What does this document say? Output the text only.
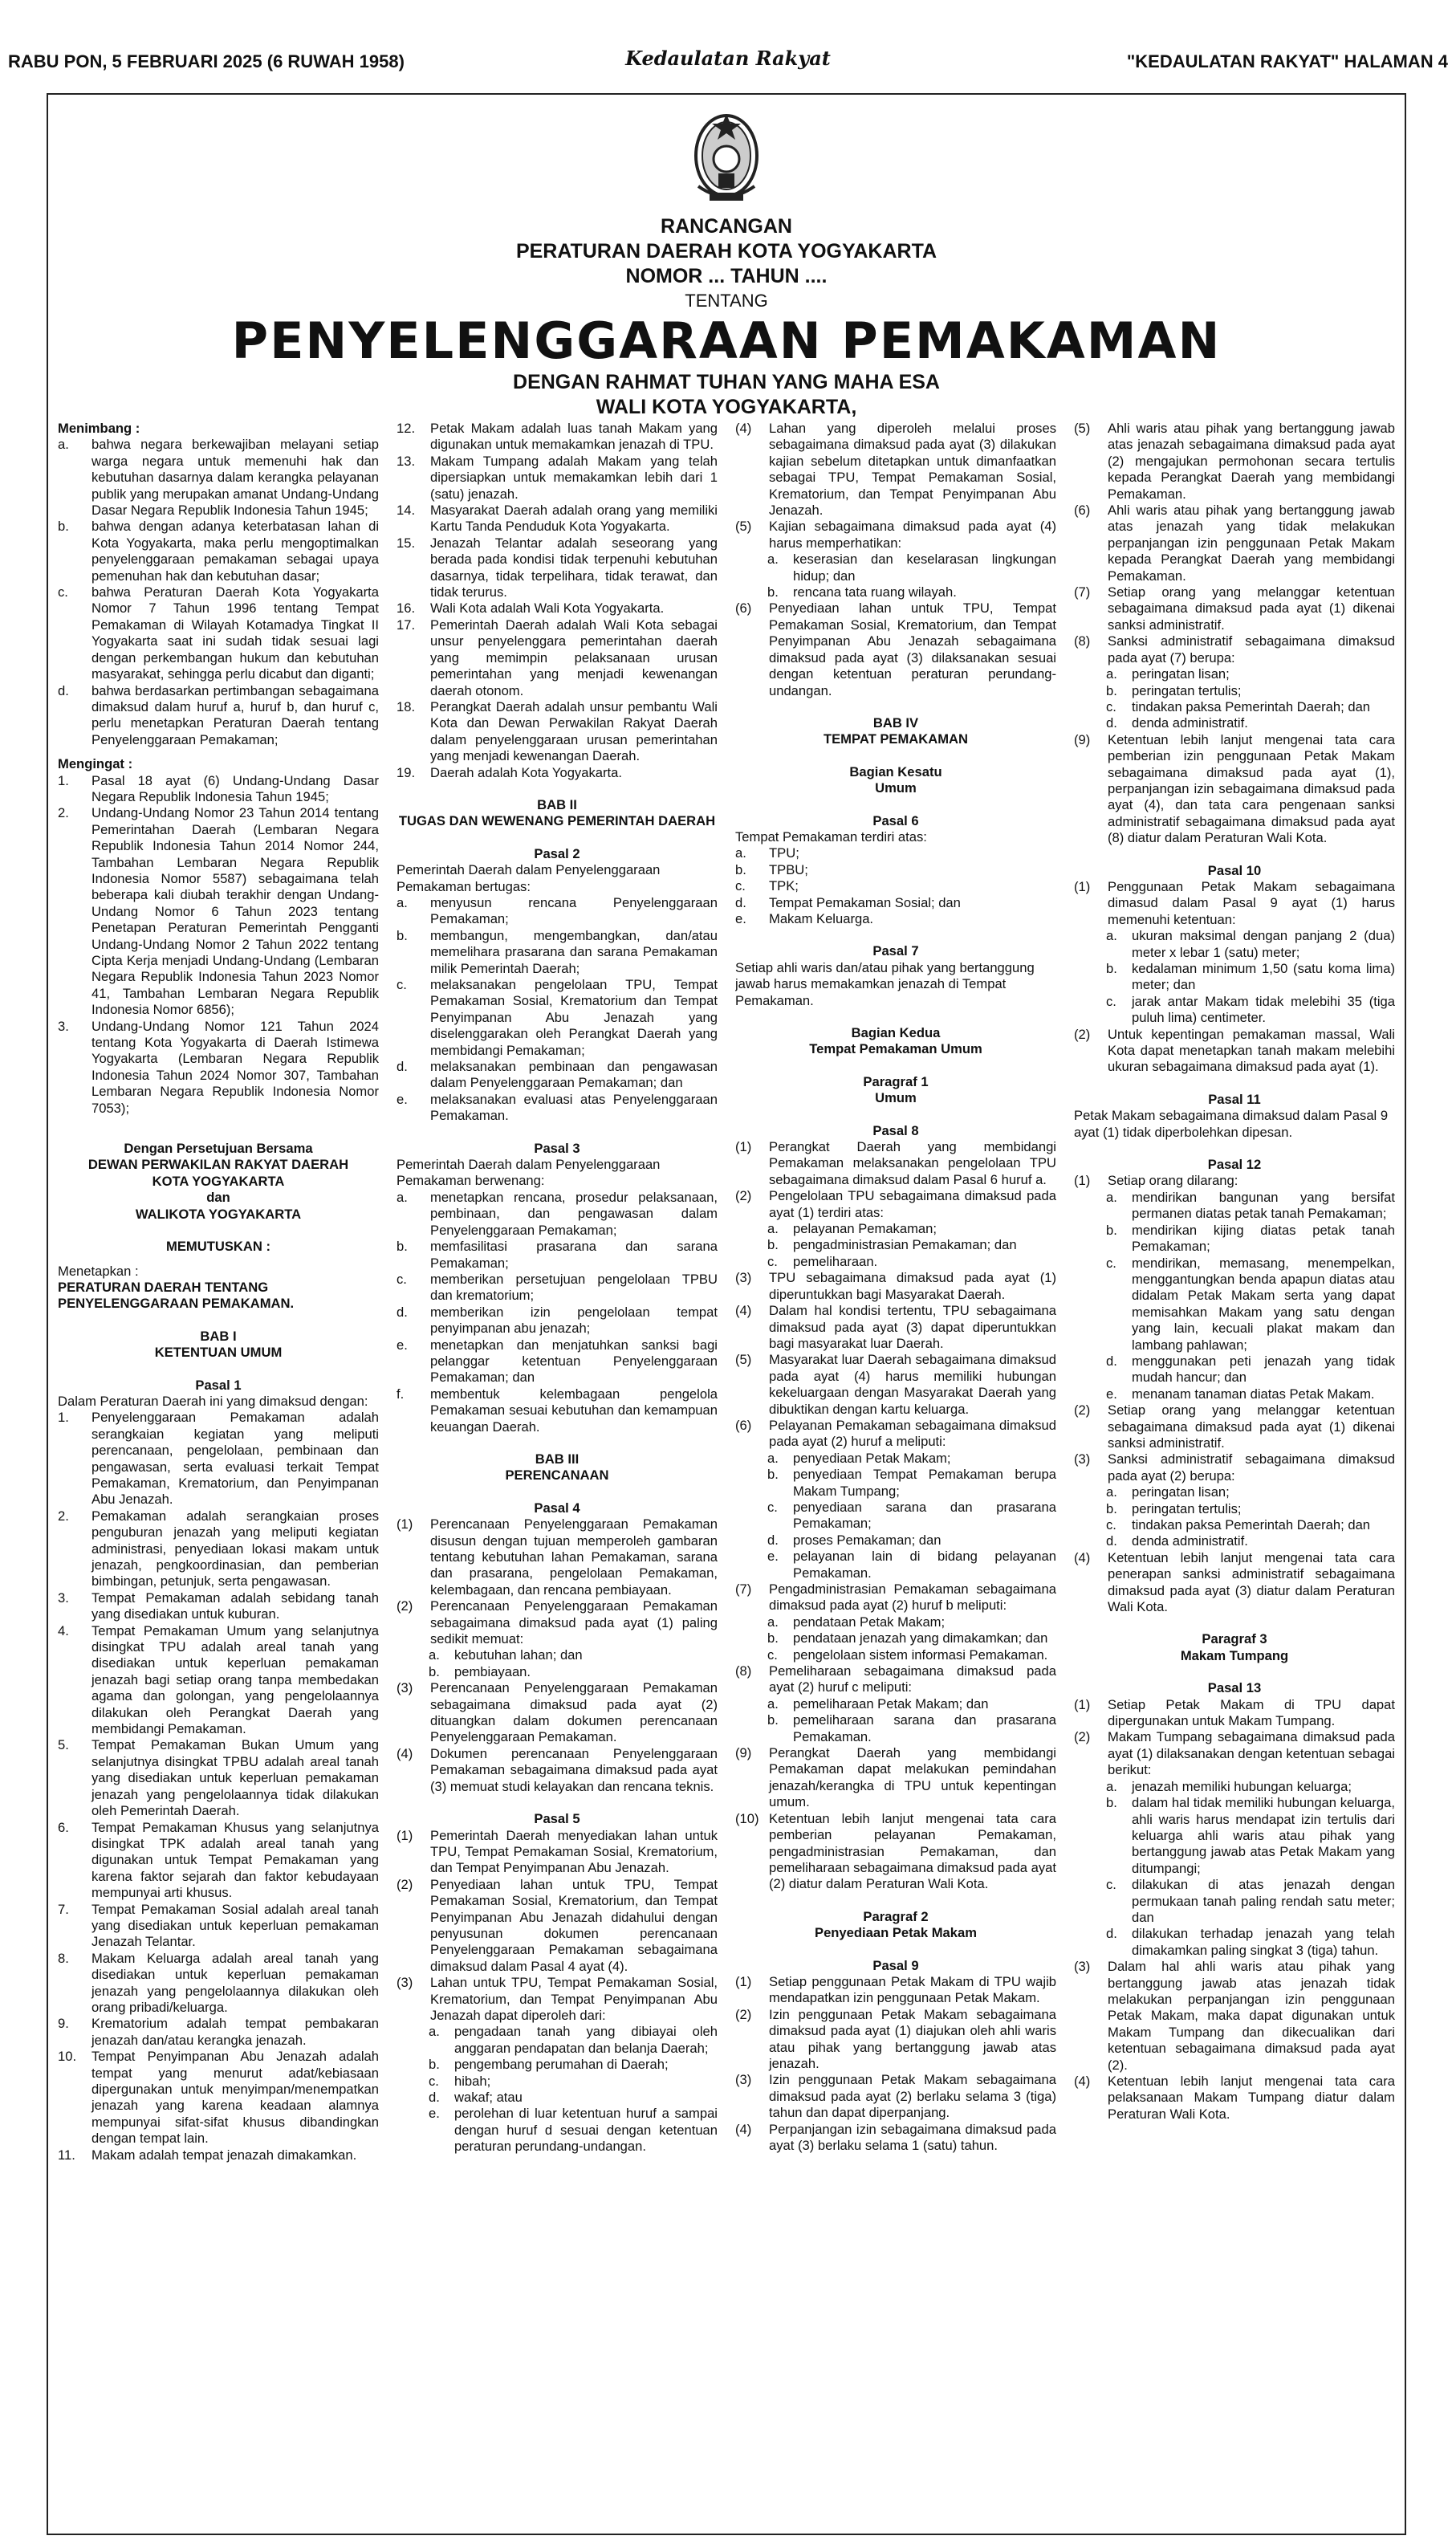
RABU PON, 5 FEBRUARI 2025 (6 RUWAH 1958)	Kedaulatan Rakyat	"KEDAULATAN RAKYAT" HALAMAN 4
RANCANGAN
PERATURAN DAERAH KOTA YOGYAKARTA
NOMOR ... TAHUN ....
TENTANG
PENYELENGGARAAN PEMAKAMAN
DENGAN RAHMAT TUHAN YANG MAHA ESA
WALI KOTA YOGYAKARTA,
Menimbang :
a.	bahwa negara berkewajiban melayani setiap warga negara untuk memenuhi hak dan kebutuhan dasarnya dalam kerangka pelayanan publik yang merupakan amanat Undang-Undang Dasar Negara Republik Indonesia Tahun 1945;
b.	bahwa dengan adanya keterbatasan lahan di Kota Yogyakarta, maka perlu mengoptimalkan penyelenggaraan pemakaman sebagai upaya pemenuhan hak dan kebutuhan dasar;
c.	bahwa Peraturan Daerah Kota Yogyakarta Nomor 7 Tahun 1996 tentang Tempat Pemakaman di Wilayah Kotamadya Tingkat II Yogyakarta saat ini sudah tidak sesuai lagi dengan perkembangan hukum dan kebutuhan masyarakat, sehingga perlu dicabut dan diganti;
d.	bahwa berdasarkan pertimbangan sebagaimana dimaksud dalam huruf a, huruf b, dan huruf c, perlu menetapkan Peraturan Daerah tentang Penyelenggaraan Pemakaman;
Mengingat :
1.	Pasal 18 ayat (6) Undang-Undang Dasar Negara Republik Indonesia Tahun 1945;
2.	Undang-Undang Nomor 23 Tahun 2014 tentang Pemerintahan Daerah (Lembaran Negara Republik Indonesia Tahun 2014 Nomor 244, Tambahan Lembaran Negara Republik Indonesia Nomor 5587) sebagaimana telah beberapa kali diubah terakhir dengan Undang-Undang Nomor 6 Tahun 2023 tentang Penetapan Peraturan Pemerintah Pengganti Undang-Undang Nomor 2 Tahun 2022 tentang Cipta Kerja menjadi Undang-Undang (Lembaran Negara Republik Indonesia Tahun 2023 Nomor 41, Tambahan Lembaran Negara Republik Indonesia Nomor 6856);
3.	Undang-Undang Nomor 121 Tahun 2024 tentang Kota Yogyakarta di Daerah Istimewa Yogyakarta (Lembaran Negara Republik Indonesia Tahun 2024 Nomor 307, Tambahan Lembaran Negara Republik Indonesia Nomor 7053);
Dengan Persetujuan Bersama
DEWAN PERWAKILAN RAKYAT DAERAH
KOTA YOGYAKARTA
dan
WALIKOTA YOGYAKARTA
MEMUTUSKAN :
Menetapkan :
PERATURAN DAERAH TENTANG PENYELENGGARAAN PEMAKAMAN.
BAB I
KETENTUAN UMUM
Pasal 1
Dalam Peraturan Daerah ini yang dimaksud dengan:
1.	Penyelenggaraan Pemakaman adalah serangkaian kegiatan yang meliputi perencanaan, pengelolaan, pembinaan dan pengawasan, serta evaluasi terkait Tempat Pemakaman, Krematorium, dan Penyimpanan Abu Jenazah.
2.	Pemakaman adalah serangkaian proses penguburan jenazah yang meliputi kegiatan administrasi, penyediaan lokasi makam untuk jenazah, pengkoordinasian, dan pemberian bimbingan, petunjuk, serta pengawasan.
3.	Tempat Pemakaman adalah sebidang tanah yang disediakan untuk kuburan.
4.	Tempat Pemakaman Umum yang selanjutnya disingkat TPU adalah areal tanah yang disediakan untuk keperluan pemakaman jenazah bagi setiap orang tanpa membedakan agama dan golongan, yang pengelolaannya dilakukan oleh Perangkat Daerah yang membidangi Pemakaman.
5.	Tempat Pemakaman Bukan Umum yang selanjutnya disingkat TPBU adalah areal tanah yang disediakan untuk keperluan pemakaman jenazah yang pengelolaannya tidak dilakukan oleh Pemerintah Daerah.
6.	Tempat Pemakaman Khusus yang selanjutnya disingkat TPK adalah areal tanah yang digunakan untuk Tempat Pemakaman yang karena faktor sejarah dan faktor kebudayaan mempunyai arti khusus.
7.	Tempat Pemakaman Sosial adalah areal tanah yang disediakan untuk keperluan pemakaman Jenazah Telantar.
8.	Makam Keluarga adalah areal tanah yang disediakan untuk keperluan pemakaman jenazah yang pengelolaannya dilakukan oleh orang pribadi/keluarga.
9.	Krematorium adalah tempat pembakaran jenazah dan/atau kerangka jenazah.
10.	Tempat Penyimpanan Abu Jenazah adalah tempat yang menurut adat/kebiasaan dipergunakan untuk menyimpan/menempatkan jenazah yang karena keadaan alamnya mempunyai sifat-sifat khusus dibandingkan dengan tempat lain.
11.	Makam adalah tempat jenazah dimakamkan.
12.	Petak Makam adalah luas tanah Makam yang digunakan untuk memakamkan jenazah di TPU.
13.	Makam Tumpang adalah Makam yang telah dipersiapkan untuk memakamkan lebih dari 1 (satu) jenazah.
14.	Masyarakat Daerah adalah orang yang memiliki Kartu Tanda Penduduk Kota Yogyakarta.
15.	Jenazah Telantar adalah seseorang yang berada pada kondisi tidak terpenuhi kebutuhan dasarnya, tidak terpelihara, tidak terawat, dan tidak terurus.
16.	Wali Kota adalah Wali Kota Yogyakarta.
17.	Pemerintah Daerah adalah Wali Kota sebagai unsur penyelenggara pemerintahan daerah yang memimpin pelaksanaan urusan pemerintahan yang menjadi kewenangan daerah otonom.
18.	Perangkat Daerah adalah unsur pembantu Wali Kota dan Dewan Perwakilan Rakyat Daerah dalam penyelenggaraan urusan pemerintahan yang menjadi kewenangan Daerah.
19.	Daerah adalah Kota Yogyakarta.
BAB II
TUGAS DAN WEWENANG PEMERINTAH DAERAH
Pasal 2
Pemerintah Daerah dalam Penyelenggaraan Pemakaman bertugas:
a.	menyusun rencana Penyelenggaraan Pemakaman;
b.	membangun, mengembangkan, dan/atau memelihara prasarana dan sarana Pemakaman milik Pemerintah Daerah;
c.	melaksanakan pengelolaan TPU, Tempat Pemakaman Sosial, Krematorium dan Tempat Penyimpanan Abu Jenazah yang diselenggarakan oleh Perangkat Daerah yang membidangi Pemakaman;
d.	melaksanakan pembinaan dan pengawasan dalam Penyelenggaraan Pemakaman; dan
e.	melaksanakan evaluasi atas Penyelenggaraan Pemakaman.
Pasal 3
Pemerintah Daerah dalam Penyelenggaraan Pemakaman berwenang:
a.	menetapkan rencana, prosedur pelaksanaan, pembinaan, dan pengawasan dalam Penyelenggaraan Pemakaman;
b.	memfasilitasi prasarana dan sarana Pemakaman;
c.	memberikan persetujuan pengelolaan TPBU dan krematorium;
d.	memberikan izin pengelolaan tempat penyimpanan abu jenazah;
e.	menetapkan dan menjatuhkan sanksi bagi pelanggar ketentuan Penyelenggaraan Pemakaman; dan
f.	membentuk kelembagaan pengelola Pemakaman sesuai kebutuhan dan kemampuan keuangan Daerah.
BAB III
PERENCANAAN
Pasal 4
(1)	Perencanaan Penyelenggaraan Pemakaman disusun dengan tujuan memperoleh gambaran tentang kebutuhan lahan Pemakaman, sarana dan prasarana, pengelolaan Pemakaman, kelembagaan, dan rencana pembiayaan.
(2)	Perencanaan Penyelenggaraan Pemakaman sebagaimana dimaksud pada ayat (1) paling sedikit memuat:
a.	kebutuhan lahan; dan
b.	pembiayaan.
(3)	Perencanaan Penyelenggaraan Pemakaman sebagaimana dimaksud pada ayat (2) dituangkan dalam dokumen perencanaan Penyelenggaraan Pemakaman.
(4)	Dokumen perencanaan Penyelenggaraan Pemakaman sebagaimana dimaksud pada ayat (3) memuat studi kelayakan dan rencana teknis.
Pasal 5
(1)	Pemerintah Daerah menyediakan lahan untuk TPU, Tempat Pemakaman Sosial, Krematorium, dan Tempat Penyimpanan Abu Jenazah.
(2)	Penyediaan lahan untuk TPU, Tempat Pemakaman Sosial, Krematorium, dan Tempat Penyimpanan Abu Jenazah didahului dengan penyusunan dokumen perencanaan Penyelenggaraan Pemakaman sebagaimana dimaksud dalam Pasal 4 ayat (4).
(3)	Lahan untuk TPU, Tempat Pemakaman Sosial, Krematorium, dan Tempat Penyimpanan Abu Jenazah dapat diperoleh dari:
a.	pengadaan tanah yang dibiayai oleh anggaran pendapatan dan belanja Daerah;
b.	pengembang perumahan di Daerah;
c.	hibah;
d.	wakaf; atau
e.	perolehan di luar ketentuan huruf a sampai dengan huruf d sesuai dengan ketentuan peraturan perundang-undangan.
(4)	Lahan yang diperoleh melalui proses sebagaimana dimaksud pada ayat (3) dilakukan kajian sebelum ditetapkan untuk dimanfaatkan sebagai TPU, Tempat Pemakaman Sosial, Krematorium, dan Tempat Penyimpanan Abu Jenazah.
(5)	Kajian sebagaimana dimaksud pada ayat (4) harus memperhatikan:
a.	keserasian dan keselarasan lingkungan hidup; dan
b.	rencana tata ruang wilayah.
(6)	Penyediaan lahan untuk TPU, Tempat Pemakaman Sosial, Krematorium, dan Tempat Penyimpanan Abu Jenazah sebagaimana dimaksud pada ayat (3) dilaksanakan sesuai dengan ketentuan peraturan perundang-undangan.
BAB IV
TEMPAT PEMAKAMAN
Bagian Kesatu
Umum
Pasal 6
Tempat Pemakaman terdiri atas:
a.	TPU;
b.	TPBU;
c.	TPK;
d.	Tempat Pemakaman Sosial; dan
e.	Makam Keluarga.
Pasal 7
Setiap ahli waris dan/atau pihak yang bertanggung jawab harus memakamkan jenazah di Tempat Pemakaman.
Bagian Kedua
Tempat Pemakaman Umum
Paragraf 1
Umum
Pasal 8
(1)	Perangkat Daerah yang membidangi Pemakaman melaksanakan pengelolaan TPU sebagaimana dimaksud dalam Pasal 6 huruf a.
(2)	Pengelolaan TPU sebagaimana dimaksud pada ayat (1) terdiri atas:
a.	pelayanan Pemakaman;
b.	pengadministrasian Pemakaman; dan
c.	pemeliharaan.
(3)	TPU sebagaimana dimaksud pada ayat (1) diperuntukkan bagi Masyarakat Daerah.
(4)	Dalam hal kondisi tertentu, TPU sebagaimana dimaksud pada ayat (3) dapat diperuntukkan bagi masyarakat luar Daerah.
(5)	Masyarakat luar Daerah sebagaimana dimaksud pada ayat (4) harus memiliki hubungan kekeluargaan dengan Masyarakat Daerah yang dibuktikan dengan kartu keluarga.
(6)	Pelayanan Pemakaman sebagaimana dimaksud pada ayat (2) huruf a meliputi:
a.	penyediaan Petak Makam;
b.	penyediaan Tempat Pemakaman berupa Makam Tumpang;
c.	penyediaan sarana dan prasarana Pemakaman;
d.	proses Pemakaman; dan
e.	pelayanan lain di bidang pelayanan Pemakaman.
(7)	Pengadministrasian Pemakaman sebagaimana dimaksud pada ayat (2) huruf b meliputi:
a.	pendataan Petak Makam;
b.	pendataan jenazah yang dimakamkan; dan
c.	pengelolaan sistem informasi Pemakaman.
(8)	Pemeliharaan sebagaimana dimaksud pada ayat (2) huruf c meliputi:
a.	pemeliharaan Petak Makam; dan
b.	pemeliharaan sarana dan prasarana Pemakaman.
(9)	Perangkat Daerah yang membidangi Pemakaman dapat melakukan pemindahan jenazah/kerangka di TPU untuk kepentingan umum.
(10) Ketentuan lebih lanjut mengenai tata cara pemberian pelayanan Pemakaman, pengadministrasian Pemakaman, dan pemeliharaan sebagaimana dimaksud pada ayat (2) diatur dalam Peraturan Wali Kota.
Paragraf 2
Penyediaan Petak Makam
Pasal 9
(1)	Setiap penggunaan Petak Makam di TPU wajib mendapatkan izin penggunaan Petak Makam.
(2)	Izin penggunaan Petak Makam sebagaimana dimaksud pada ayat (1) diajukan oleh ahli waris atau pihak yang bertanggung jawab atas jenazah.
(3)	Izin penggunaan Petak Makam sebagaimana dimaksud pada ayat (2) berlaku selama 3 (tiga) tahun dan dapat diperpanjang.
(4)	Perpanjangan izin sebagaimana dimaksud pada ayat (3) berlaku selama 1 (satu) tahun.
(5)	Ahli waris atau pihak yang bertanggung jawab atas jenazah sebagaimana dimaksud pada ayat (2) mengajukan permohonan secara tertulis kepada Perangkat Daerah yang membidangi Pemakaman.
(6)	Ahli waris atau pihak yang bertanggung jawab atas jenazah yang tidak melakukan perpanjangan izin penggunaan Petak Makam kepada Perangkat Daerah yang membidangi Pemakaman.
(7)	Setiap orang yang melanggar ketentuan sebagaimana dimaksud pada ayat (1) dikenai sanksi administratif.
(8)	Sanksi administratif sebagaimana dimaksud pada ayat (7) berupa:
a.	peringatan lisan;
b.	peringatan tertulis;
c.	tindakan paksa Pemerintah Daerah; dan
d.	denda administratif.
(9)	Ketentuan lebih lanjut mengenai tata cara pemberian izin penggunaan Petak Makam sebagaimana dimaksud pada ayat (1), perpanjangan izin sebagaimana dimaksud pada ayat (4), dan tata cara pengenaan sanksi administratif sebagaimana dimaksud pada ayat (8) diatur dalam Peraturan Wali Kota.
Pasal 10
(1)	Penggunaan Petak Makam sebagaimana dimasud dalam Pasal 9 ayat (1) harus memenuhi ketentuan:
a.	ukuran maksimal dengan panjang 2 (dua) meter x lebar 1 (satu) meter;
b.	kedalaman minimum 1,50 (satu koma lima) meter; dan
c.	jarak antar Makam tidak melebihi 35 (tiga puluh lima) centimeter.
(2)	Untuk kepentingan pemakaman massal, Wali Kota dapat menetapkan tanah makam melebihi ukuran sebagaimana dimaksud pada ayat (1).
Pasal 11
Petak Makam sebagaimana dimaksud dalam Pasal 9 ayat (1) tidak diperbolehkan dipesan.
Pasal 12
(1)	Setiap orang dilarang:
a.	mendirikan bangunan yang bersifat permanen diatas petak tanah Pemakaman;
b.	mendirikan kijing diatas petak tanah Pemakaman;
c.	mendirikan, memasang, menempelkan, menggantungkan benda apapun diatas atau didalam Petak Makam serta yang dapat memisahkan Makam yang satu dengan yang lain, kecuali plakat makam dan lambang pahlawan;
d.	menggunakan peti jenazah yang tidak mudah hancur; dan
e.	menanam tanaman diatas Petak Makam.
(2)	Setiap orang yang melanggar ketentuan sebagaimana dimaksud pada ayat (1) dikenai sanksi administratif.
(3)	Sanksi administratif sebagaimana dimaksud pada ayat (2) berupa:
a.	peringatan lisan;
b.	peringatan tertulis;
c.	tindakan paksa Pemerintah Daerah; dan
d.	denda administratif.
(4)	Ketentuan lebih lanjut mengenai tata cara penerapan sanksi administratif sebagaimana dimaksud pada ayat (3) diatur dalam Peraturan Wali Kota.
Paragraf 3
Makam Tumpang
Pasal 13
(1)	Setiap Petak Makam di TPU dapat dipergunakan untuk Makam Tumpang.
(2)	Makam Tumpang sebagaimana dimaksud pada ayat (1) dilaksanakan dengan ketentuan sebagai berikut:
a.	jenazah memiliki hubungan keluarga;
b.	dalam hal tidak memiliki hubungan keluarga, ahli waris harus mendapat izin tertulis dari keluarga ahli waris atau pihak yang bertanggung jawab atas Petak Makam yang ditumpangi;
c.	dilakukan di atas jenazah dengan permukaan tanah paling rendah satu meter; dan
d.	dilakukan terhadap jenazah yang telah dimakamkan paling singkat 3 (tiga) tahun.
(3)	Dalam hal ahli waris atau pihak yang bertanggung jawab atas jenazah tidak melakukan perpanjangan izin penggunaan Petak Makam, maka dapat digunakan untuk Makam Tumpang dan dikecualikan dari ketentuan sebagaimana dimaksud pada ayat (2).
(4)	Ketentuan lebih lanjut mengenai tata cara pelaksanaan Makam Tumpang diatur dalam Peraturan Wali Kota.
